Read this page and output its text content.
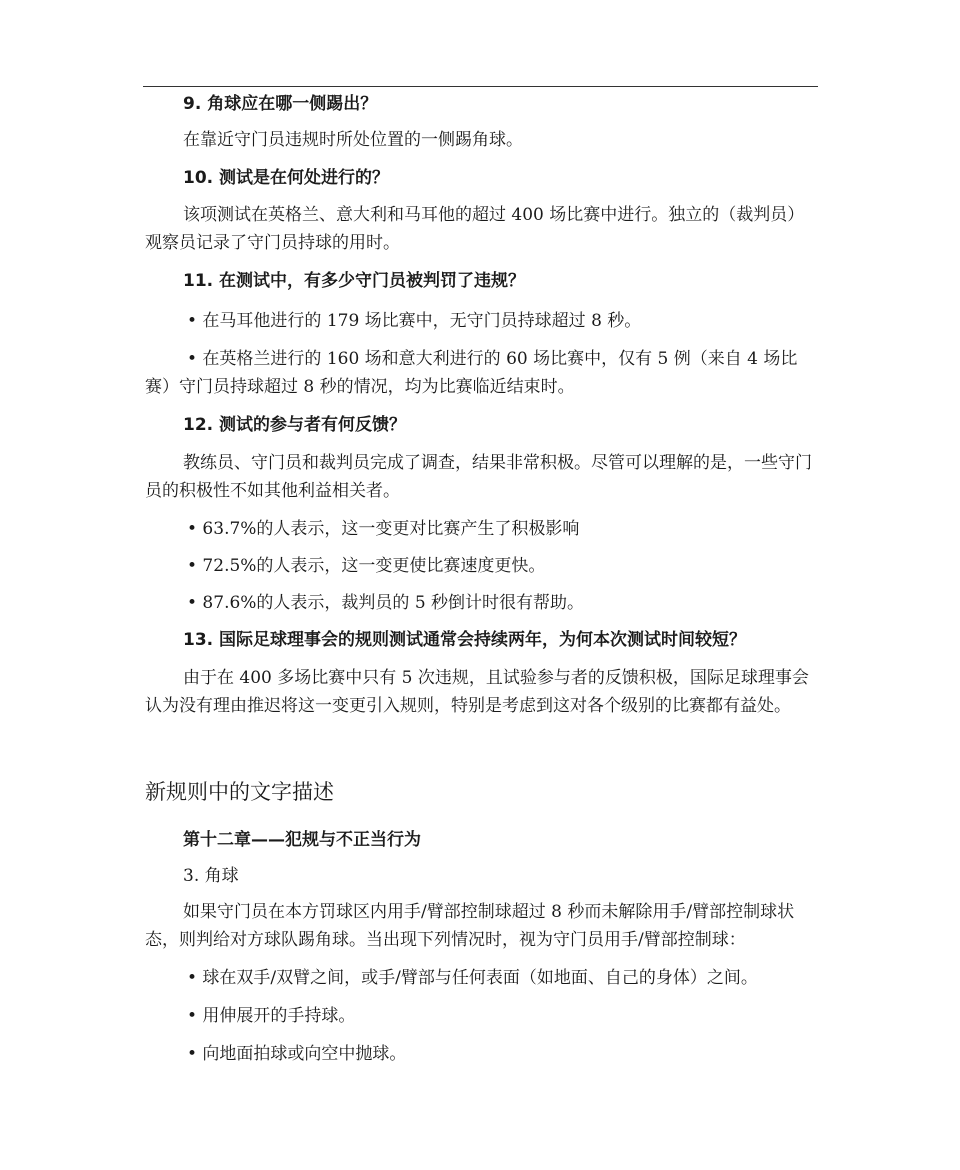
9. 角球应在哪一侧踢出？

在靠近守门员违规时所处位置的一侧踢角球。

10. 测试是在何处进行的？

该项测试在英格兰、意大利和马耳他的超过 400 场比赛中进行。独立的（裁判员）观察员记录了守门员持球的用时。

11. 在测试中，有多少守门员被判罚了违规？

• 在马耳他进行的 179 场比赛中，无守门员持球超过 8 秒。

• 在英格兰进行的 160 场和意大利进行的 60 场比赛中，仅有 5 例（来自 4 场比赛）守门员持球超过 8 秒的情况，均为比赛临近结束时。

12. 测试的参与者有何反馈？

教练员、守门员和裁判员完成了调查，结果非常积极。尽管可以理解的是，一些守门员的积极性不如其他利益相关者。

• 63.7%的人表示，这一变更对比赛产生了积极影响

• 72.5%的人表示，这一变更使比赛速度更快。

• 87.6%的人表示，裁判员的 5 秒倒计时很有帮助。

13. 国际足球理事会的规则测试通常会持续两年，为何本次测试时间较短？

由于在 400 多场比赛中只有 5 次违规，且试验参与者的反馈积极，国际足球理事会认为没有理由推迟将这一变更引入规则，特别是考虑到这对各个级别的比赛都有益处。

新规则中的文字描述

第十二章——犯规与不正当行为

3. 角球

如果守门员在本方罚球区内用手/臂部控制球超过 8 秒而未解除用手/臂部控制球状态，则判给对方球队踢角球。当出现下列情况时，视为守门员用手/臂部控制球：

• 球在双手/双臂之间，或手/臂部与任何表面（如地面、自己的身体）之间。

• 用伸展开的手持球。

• 向地面拍球或向空中抛球。
